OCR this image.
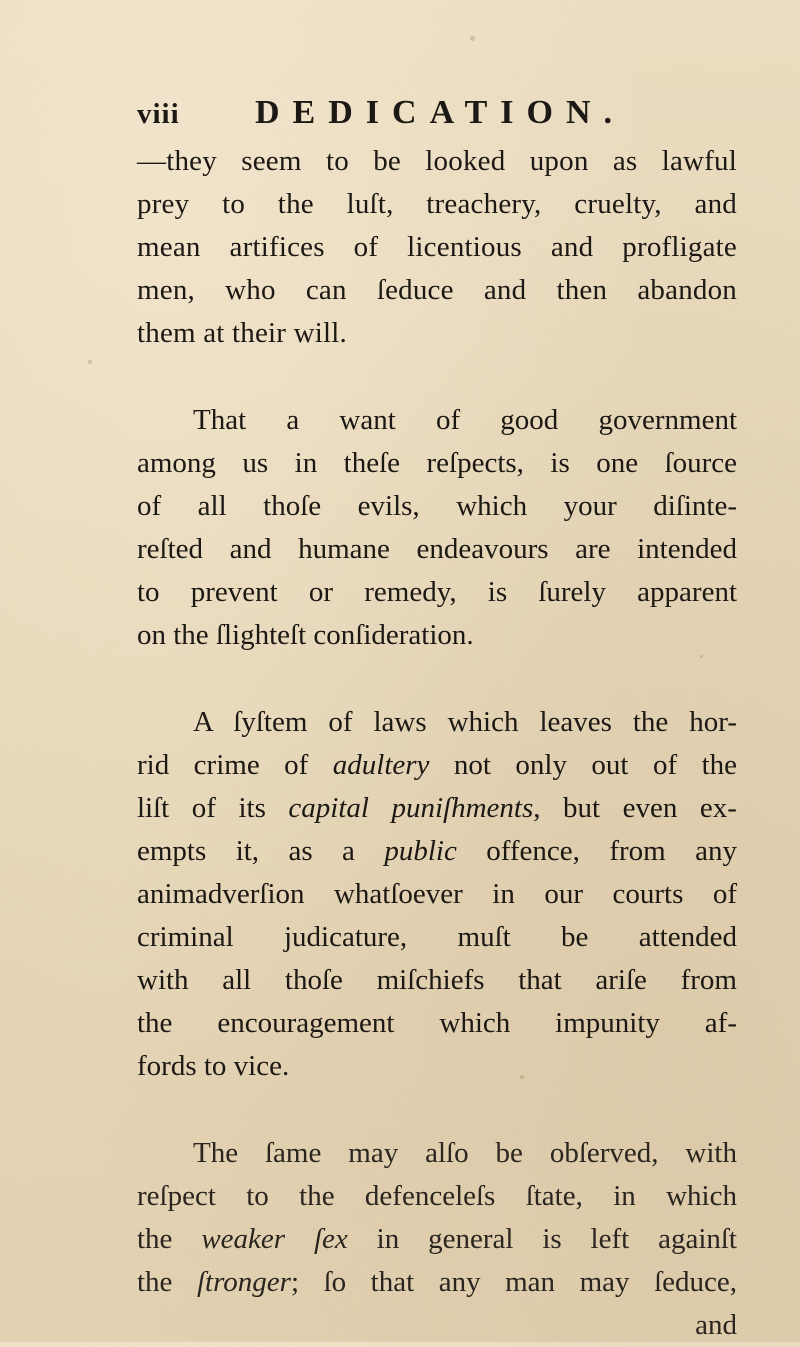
viii DEDICATION.
—they seem to be looked upon as lawful
prey to the luſt, treachery, cruelty, and
mean artifices of licentious and profligate
men, who can ſeduce and then abandon
them at their will.
That a want of good government
among us in theſe reſpects, is one ſource
of all thoſe evils, which your diſinte-
reſted and humane endeavours are intended
to prevent or remedy, is ſurely apparent
on the ſlighteſt conſideration.
A ſyſtem of laws which leaves the hor-
rid crime of adultery not only out of the
liſt of its capital puniſhments, but even ex-
empts it, as a public offence, from any
animadverſion whatſoever in our courts of
criminal judicature, muſt be attended
with all thoſe miſchiefs that ariſe from
the encouragement which impunity af-
fords to vice.
The ſame may alſo be obſerved, with
reſpect to the defenceleſs ſtate, in which
the weaker ſex in general is left againſt
the ſtronger; ſo that any man may ſeduce,
and
